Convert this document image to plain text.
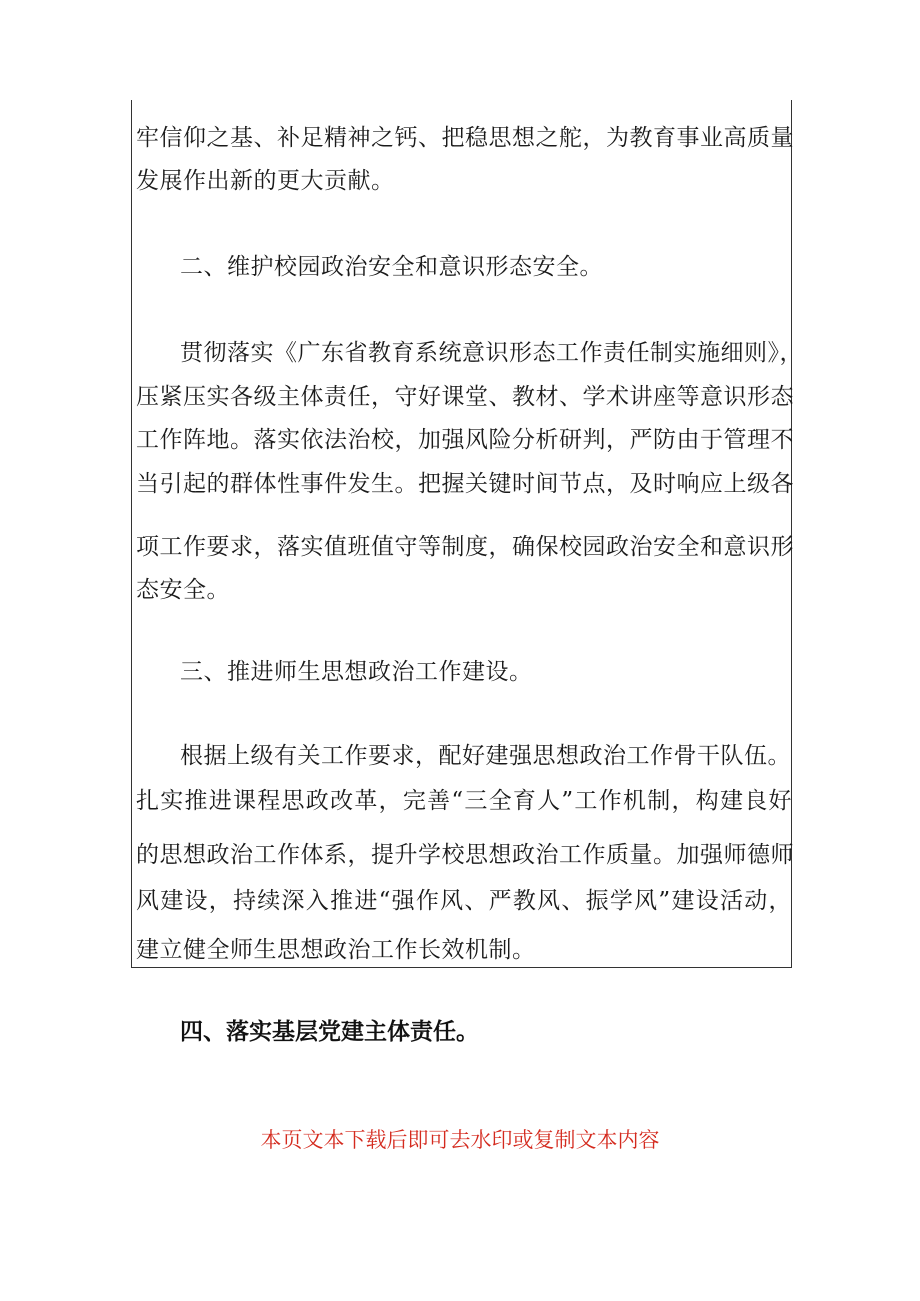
牢信仰之基、补足精神之钙、把稳思想之舵，为教育事业高质量
发展作出新的更大贡献。
二、维护校园政治安全和意识形态安全。
贯彻落实《广东省教育系统意识形态工作责任制实施细则》，
压紧压实各级主体责任，守好课堂、教材、学术讲座等意识形态
工作阵地。落实依法治校，加强风险分析研判，严防由于管理不
当引起的群体性事件发生。把握关键时间节点，及时响应上级各
项工作要求，落实值班值守等制度，确保校园政治安全和意识形
态安全。
三、推进师生思想政治工作建设。
根据上级有关工作要求，配好建强思想政治工作骨干队伍。
扎实推进课程思政改革，完善“三全育人”工作机制，构建良好
的思想政治工作体系，提升学校思想政治工作质量。加强师德师
风建设，持续深入推进“强作风、严教风、振学风”建设活动，
建立健全师生思想政治工作长效机制。
四、落实基层党建主体责任。
本页文本下载后即可去水印或复制文本内容
